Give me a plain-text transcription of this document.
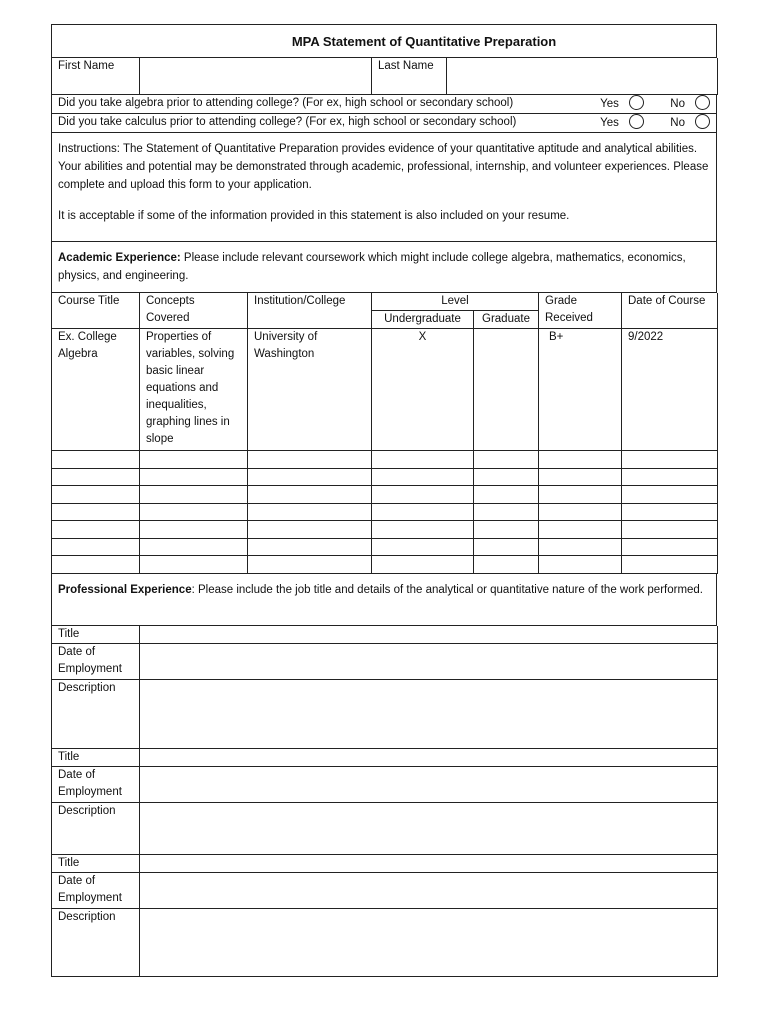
MPA Statement of Quantitative Preparation
First Name		Last Name	
Did you take algebra prior to attending college? (For ex, high school or secondary school)	Yes	No

Did you take calculus prior to attending college? (For ex, high school or secondary school)	Yes	No
Instructions: The Statement of Quantitative Preparation provides evidence of your quantitative aptitude and analytical abilities. Your abilities and potential may be demonstrated through academic, professional, internship, and volunteer experiences. Please complete and upload this form to your application.
It is acceptable if some of the information provided in this statement is also included on your resume.
Academic Experience: Please include relevant coursework which might include college algebra, mathematics, economics, physics, and engineering.
Course Title	Concepts Covered	Institution/College	Level		Grade Received	Date of Course
			Undergraduate	Graduate		
Ex. College Algebra	Properties of variables, solving basic linear equations and inequalities, graphing lines in slope	University of Washington	X		B+	9/2022

Professional Experience: Please include the job title and details of the analytical or quantitative nature of the work performed.
Title	
Date of Employment	
Description	
Title	
Date of Employment	
Description	
Title	
Date of Employment	
Description	
